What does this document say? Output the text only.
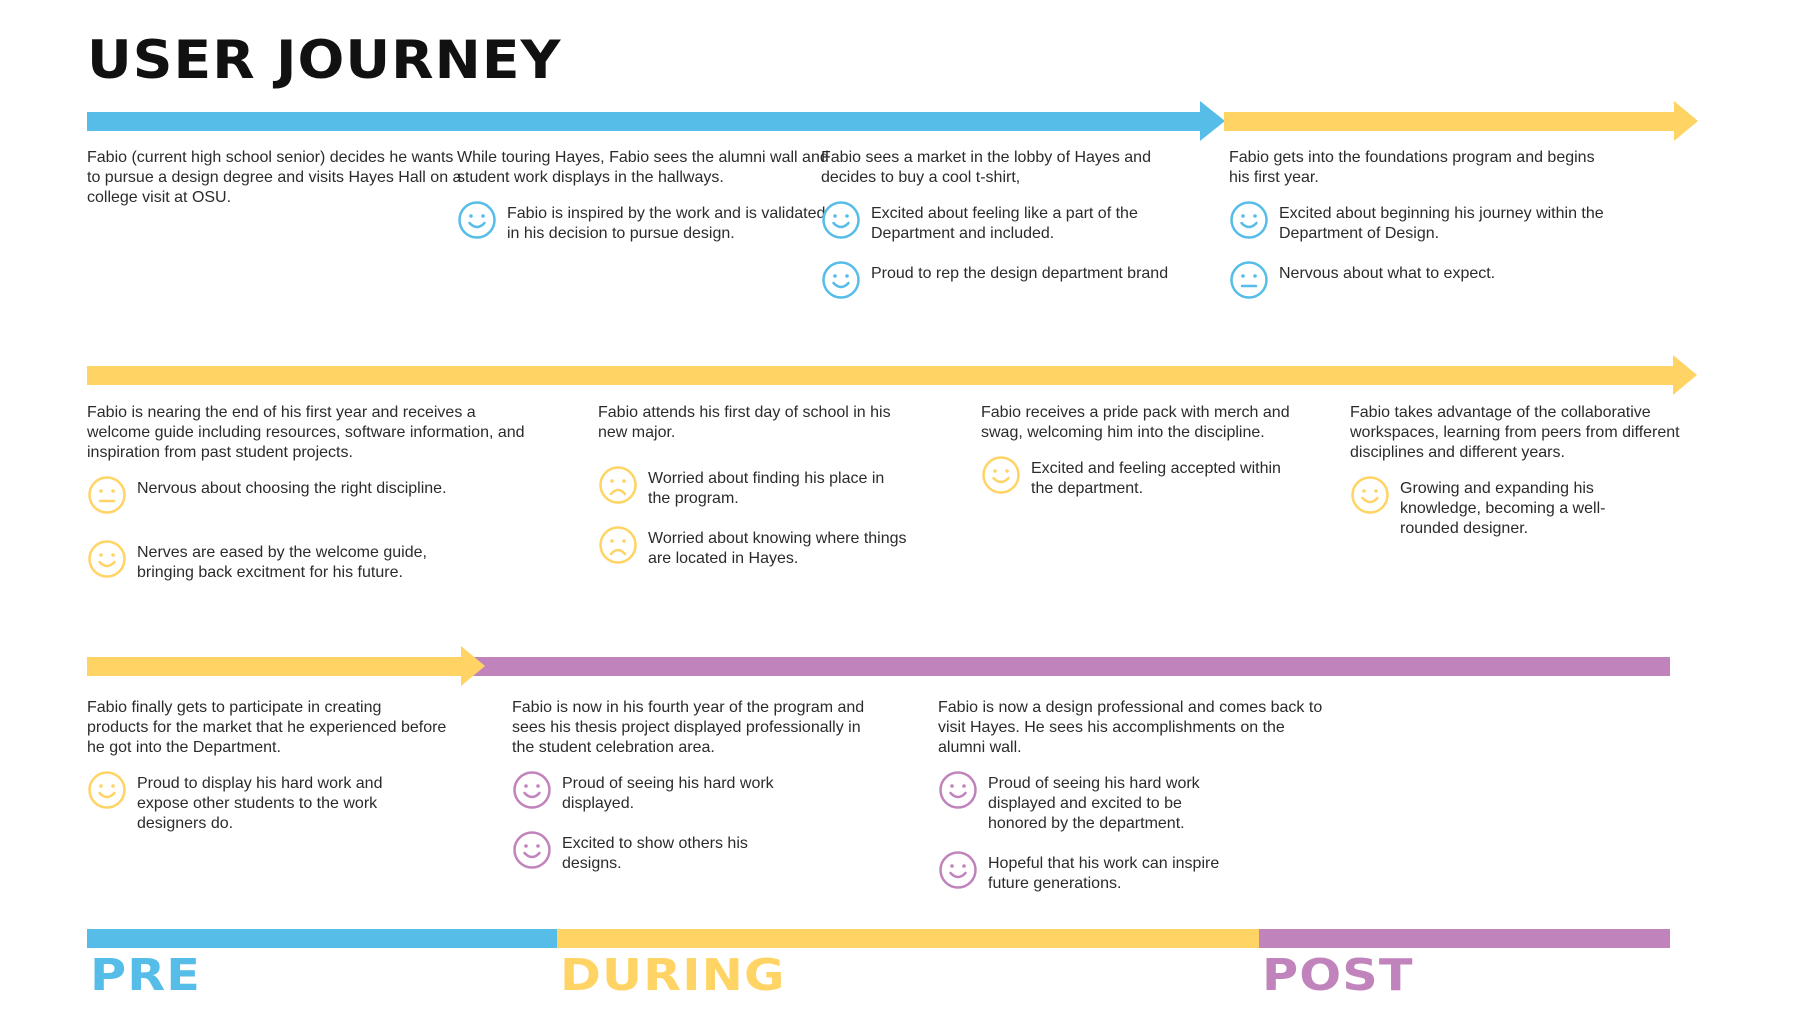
USER JOURNEY

Fabio (current high school senior) decides he wants to pursue a design degree and visits Hayes Hall on a college visit at OSU.

While touring Hayes, Fabio sees the alumni wall and student work displays in the hallways.

Fabio is inspired by the work and is validated in his decision to pursue design.

Fabio sees a market in the lobby of Hayes and decides to buy a cool t-shirt,

Excited about feeling like a part of the Department and included.
Proud to rep the design department brand

Fabio gets into the foundations program and begins his first year.

Excited about beginning his journey within the Department of Design.
Nervous about what to expect.

Fabio is nearing the end of his first year and receives a welcome guide including resources, software information, and inspiration from past student projects.

Nervous about choosing the right discipline.
Nerves are eased by the welcome guide, bringing back excitment for his future.

Fabio attends his first day of school in his new major.

Worried about finding his place in the program.
Worried about knowing where things are located in Hayes.

Fabio receives a pride pack with merch and swag, welcoming him into the discipline.

Excited and feeling accepted within the department.

Fabio takes advantage of the collaborative workspaces, learning from peers from different disciplines and different years.

Growing and expanding his knowledge, becoming a well-rounded designer.

Fabio finally gets to participate in creating products for the market that he experienced before he got into the Department.

Proud to display his hard work and expose other students to the work designers do.

Fabio is now in his fourth year of the program and sees his thesis project displayed professionally in the student celebration area.

Proud of seeing his hard work displayed.
Excited to show others his designs.

Fabio is now a design professional and comes back to visit Hayes. He sees his accomplishments on the alumni wall.

Proud of seeing his hard work displayed and excited to be honored by the department.
Hopeful that his work can inspire future generations.

PRE	DURING	POST
